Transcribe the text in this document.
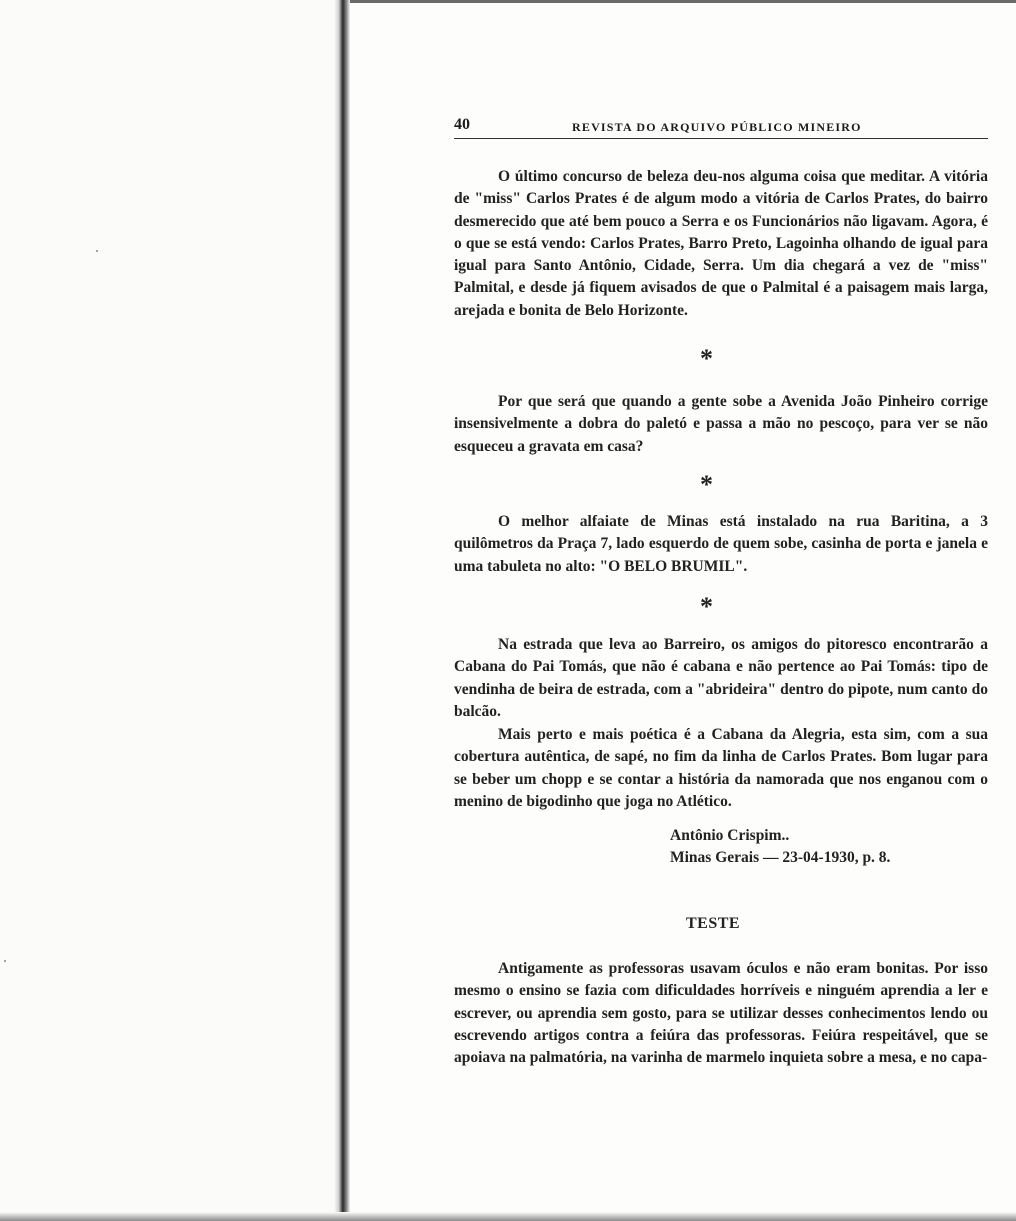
40	REVISTA DO ARQUIVO PÚBLICO MINEIRO

O último concurso de beleza deu-nos alguma coisa que meditar. A vitória de "miss" Carlos Prates é de algum modo a vitória de Carlos Prates, do bairro desmerecido que até bem pouco a Serra e os Funcionários não ligavam. Agora, é o que se está vendo: Carlos Prates, Barro Preto, Lagoinha olhando de igual para igual para Santo Antônio, Cidade, Serra. Um dia chegará a vez de "miss" Palmital, e desde já fiquem avisados de que o Palmital é a paisagem mais larga, arejada e bonita de Belo Horizonte.

*

Por que será que quando a gente sobe a Avenida João Pinheiro corrige insensivelmente a dobra do paletó e passa a mão no pescoço, para ver se não esqueceu a gravata em casa?

*

O melhor alfaiate de Minas está instalado na rua Baritina, a 3 quilômetros da Praça 7, lado esquerdo de quem sobe, casinha de porta e janela e uma tabuleta no alto: "O BELO BRUMIL".

*

Na estrada que leva ao Barreiro, os amigos do pitoresco encontrarão a Cabana do Pai Tomás, que não é cabana e não pertence ao Pai Tomás: tipo de vendinha de beira de estrada, com a "abrideira" dentro do pipote, num canto do balcão.

Mais perto e mais poética é a Cabana da Alegria, esta sim, com a sua cobertura autêntica, de sapé, no fim da linha de Carlos Prates. Bom lugar para se beber um chopp e se contar a história da namorada que nos enganou com o menino de bigodinho que joga no Atlético.

Antônio Crispim..
Minas Gerais — 23-04-1930, p. 8.
TESTE

Antigamente as professoras usavam óculos e não eram bonitas. Por isso mesmo o ensino se fazia com dificuldades horríveis e ninguém aprendia a ler e escrever, ou aprendia sem gosto, para se utilizar desses conhecimentos lendo ou escrevendo artigos contra a feiúra das professoras. Feiúra respeitável, que se apoiava na palmatória, na varinha de marmelo inquieta sobre a mesa, e no capa-
